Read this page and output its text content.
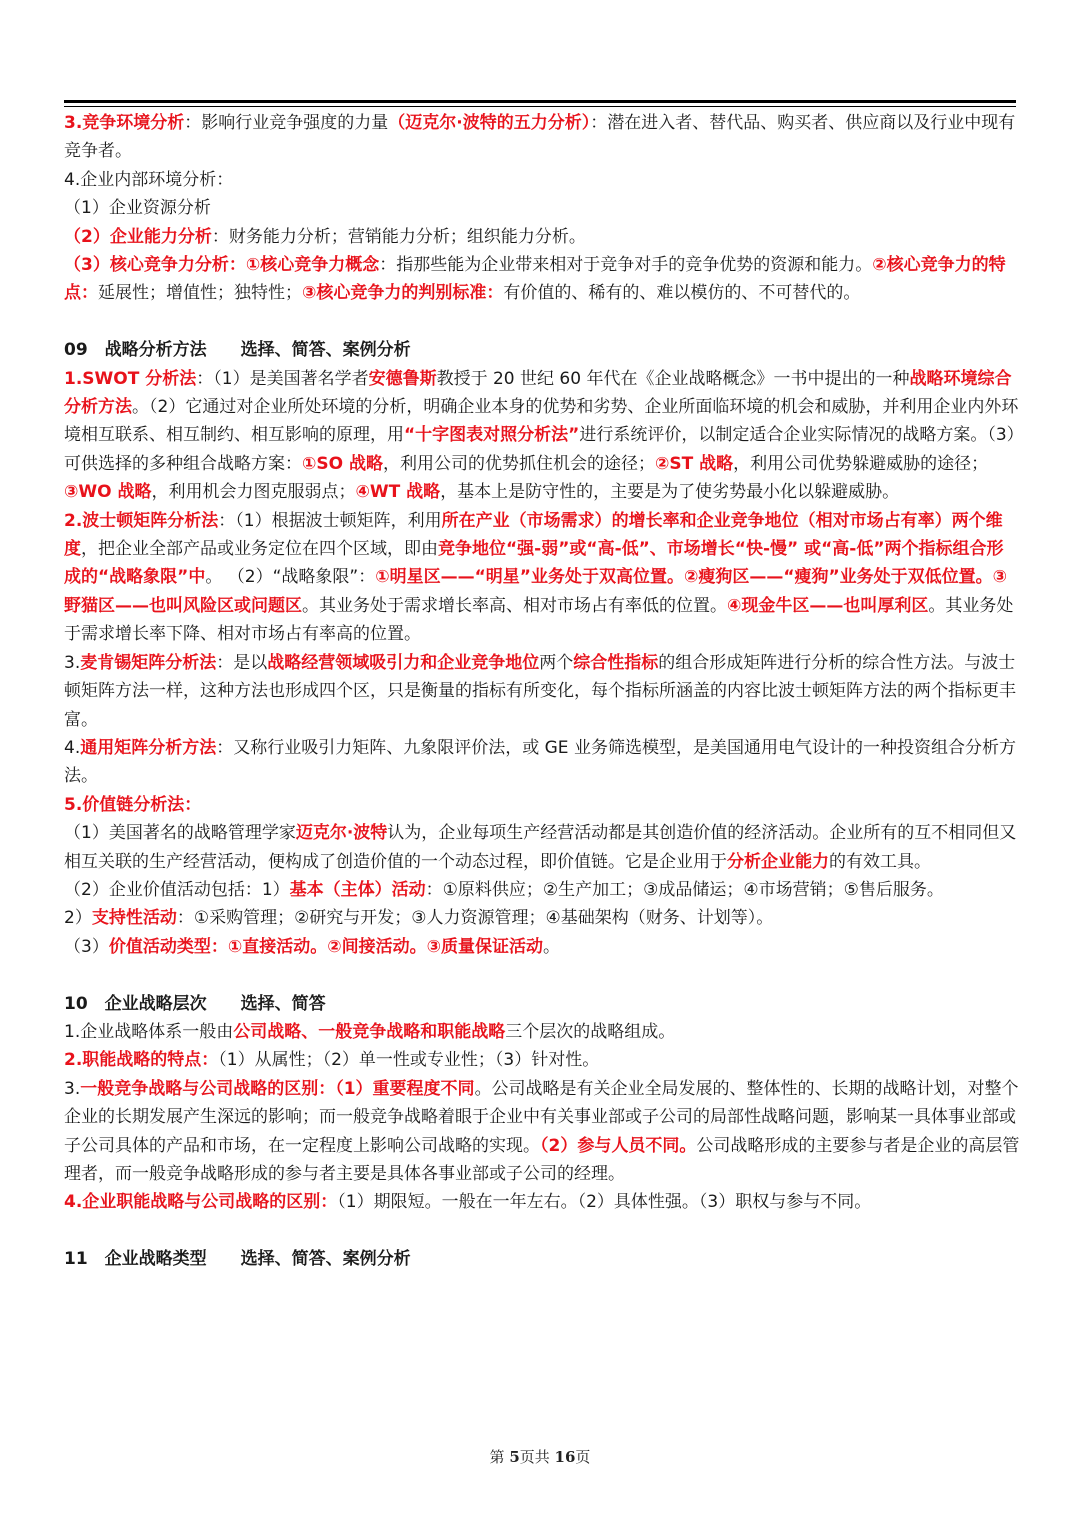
3.竞争环境分析：影响行业竞争强度的力量（迈克尔·波特的五力分析）：潜在进入者、替代品、购买者、供应商以及行业中现有竞争者。

4.企业内部环境分析：

（1）企业资源分析

（2）企业能力分析：财务能力分析；营销能力分析；组织能力分析。

（3）核心竞争力分析：①核心竞争力概念：指那些能为企业带来相对于竞争对手的竞争优势的资源和能力。②核心竞争力的特点：延展性；增值性；独特性；③核心竞争力的判别标准：有价值的、稀有的、难以模仿的、不可替代的。

09　战略分析方法　　选择、简答、案例分析

1.SWOT 分析法：（1）是美国著名学者安德鲁斯教授于 20 世纪 60 年代在《企业战略概念》一书中提出的一种战略环境综合分析方法。（2）它通过对企业所处环境的分析，明确企业本身的优势和劣势、企业所面临环境的机会和威胁，并利用企业内外环境相互联系、相互制约、相互影响的原理，用“十字图表对照分析法”进行系统评价，以制定适合企业实际情况的战略方案。（3）可供选择的多种组合战略方案：①SO 战略，利用公司的优势抓住机会的途径；②ST 战略，利用公司优势躲避威胁的途径；③WO 战略，利用机会力图克服弱点；④WT 战略，基本上是防守性的，主要是为了使劣势最小化以躲避威胁。

2.波士顿矩阵分析法：（1）根据波士顿矩阵，利用所在产业（市场需求）的增长率和企业竞争地位（相对市场占有率）两个维度，把企业全部产品或业务定位在四个区域，即由竞争地位“强-弱”或“高-低”、市场增长“快-慢” 或“高-低”两个指标组合形成的“战略象限”中。 （2）“战略象限”：①明星区——“明星”业务处于双高位置。②瘦狗区——“瘦狗”业务处于双低位置。③野猫区——也叫风险区或问题区。其业务处于需求增长率高、相对市场占有率低的位置。④现金牛区——也叫厚利区。其业务处于需求增长率下降、相对市场占有率高的位置。

3.麦肯锡矩阵分析法：是以战略经营领域吸引力和企业竞争地位两个综合性指标的组合形成矩阵进行分析的综合性方法。与波士顿矩阵方法一样，这种方法也形成四个区，只是衡量的指标有所变化，每个指标所涵盖的内容比波士顿矩阵方法的两个指标更丰富。

4.通用矩阵分析方法：又称行业吸引力矩阵、九象限评价法，或 GE 业务筛选模型，是美国通用电气设计的一种投资组合分析方法。

5.价值链分析法：

（1）美国著名的战略管理学家迈克尔·波特认为，企业每项生产经营活动都是其创造价值的经济活动。企业所有的互不相同但又相互关联的生产经营活动，便构成了创造价值的一个动态过程，即价值链。它是企业用于分析企业能力的有效工具。

（2）企业价值活动包括：1）基本（主体）活动：①原料供应；②生产加工；③成品储运；④市场营销；⑤售后服务。

2）支持性活动：①采购管理；②研究与开发；③人力资源管理；④基础架构（财务、计划等）。

（3）价值活动类型：①直接活动。②间接活动。③质量保证活动。

10　企业战略层次　　选择、简答

1.企业战略体系一般由公司战略、一般竞争战略和职能战略三个层次的战略组成。

2.职能战略的特点：（1）从属性；（2）单一性或专业性；（3）针对性。

3.一般竞争战略与公司战略的区别：（1）重要程度不同。公司战略是有关企业全局发展的、整体性的、长期的战略计划，对整个企业的长期发展产生深远的影响；而一般竞争战略着眼于企业中有关事业部或子公司的局部性战略问题，影响某一具体事业部或子公司具体的产品和市场，在一定程度上影响公司战略的实现。（2）参与人员不同。公司战略形成的主要参与者是企业的高层管理者，而一般竞争战略形成的参与者主要是具体各事业部或子公司的经理。

4.企业职能战略与公司战略的区别：（1）期限短。一般在一年左右。（2）具体性强。（3）职权与参与不同。

11　企业战略类型　　选择、简答、案例分析

第 5页共 16页
